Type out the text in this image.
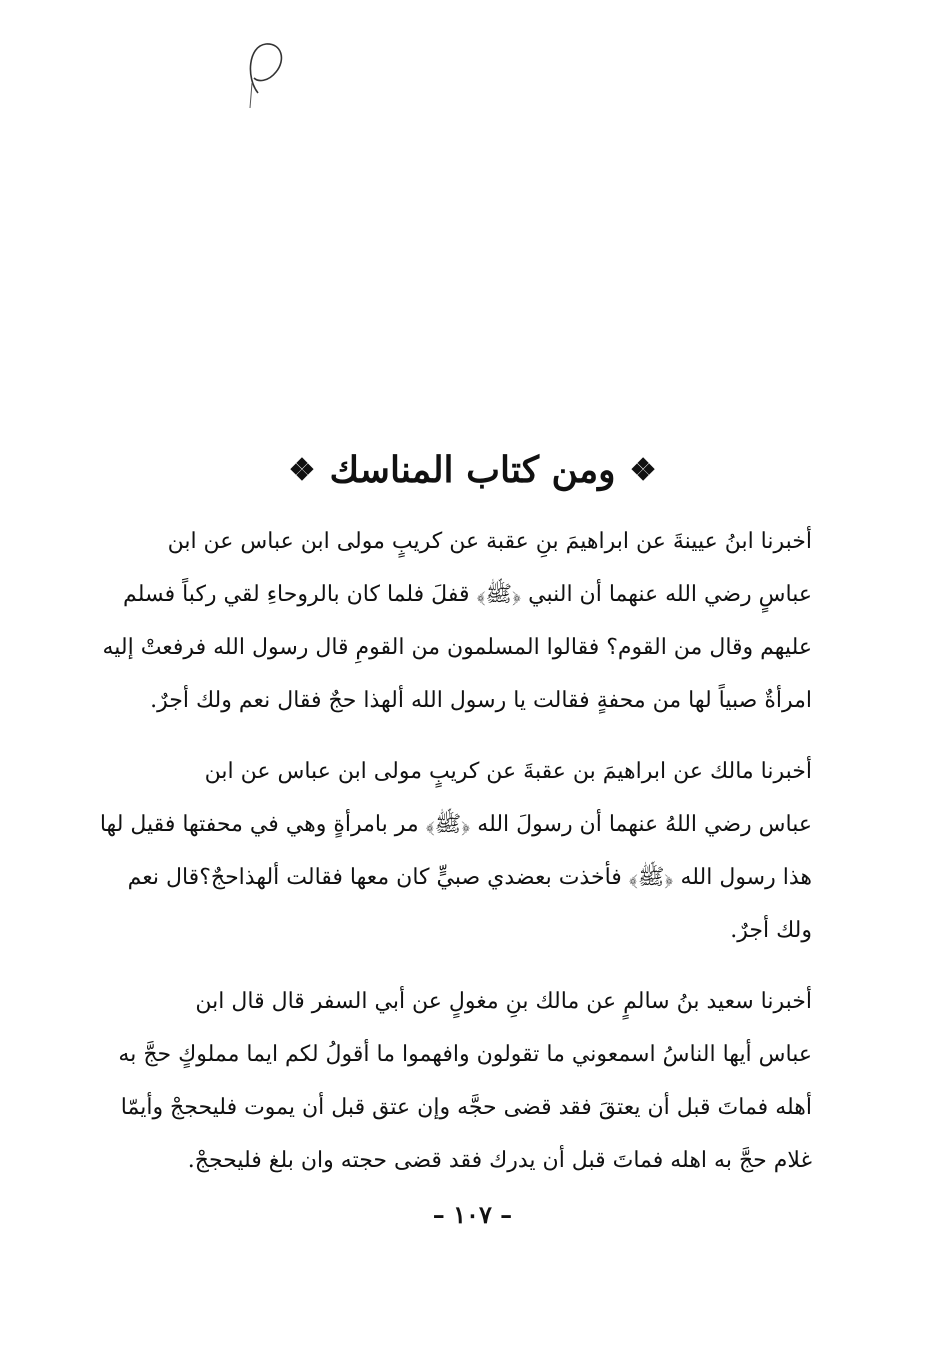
❖
ومن كتاب المناسك
❖
أخبرنا ابنُ عيينةَ عن ابراهيمَ بنِ عقبة عن كريبٍ مولى ابن عباس عن ابن
عباسٍ رضي الله عنهما أن النبي ﴿ﷺ﴾ قفلَ فلما كان بالروحاءِ لقي ركباً فسلم
عليهم وقال من القوم؟ فقالوا المسلمون من القومِ قال رسول الله فرفعتْ إليه
امرأةٌ صبياً لها من محفةٍ فقالت يا رسول الله ألهذا حجٌ فقال نعم ولك أجرٌ.
أخبرنا مالك عن ابراهيمَ بن عقبةَ عن كريبٍ مولى ابن عباس عن ابن
عباس رضي اللهُ عنهما أن رسولَ الله ﴿ﷺ﴾ مر بامرأةٍ وهي في محفتها فقيل لها
هذا رسول الله ﴿ﷺ﴾ فأخذت بعضدي صبيٍّ كان معها فقالت ألهذاحجٌ؟قال نعم
ولك أجرٌ.
أخبرنا سعيد بنُ سالمٍ عن مالك بنِ مغولٍ عن أبي السفر قال قال ابن
عباس أيها الناسُ اسمعوني ما تقولون وافهموا ما أقولُ لكم ايما مملوكٍ حجَّ به
أهله فماتَ قبل أن يعتقَ فقد قضى حجَّه وإن عتق قبل أن يموت فليحججْ وأيمّا
غلام حجَّ به اهله فماتَ قبل أن يدرك فقد قضى حجته وان بلغ فليحججْ.
– ١٠٧ –
